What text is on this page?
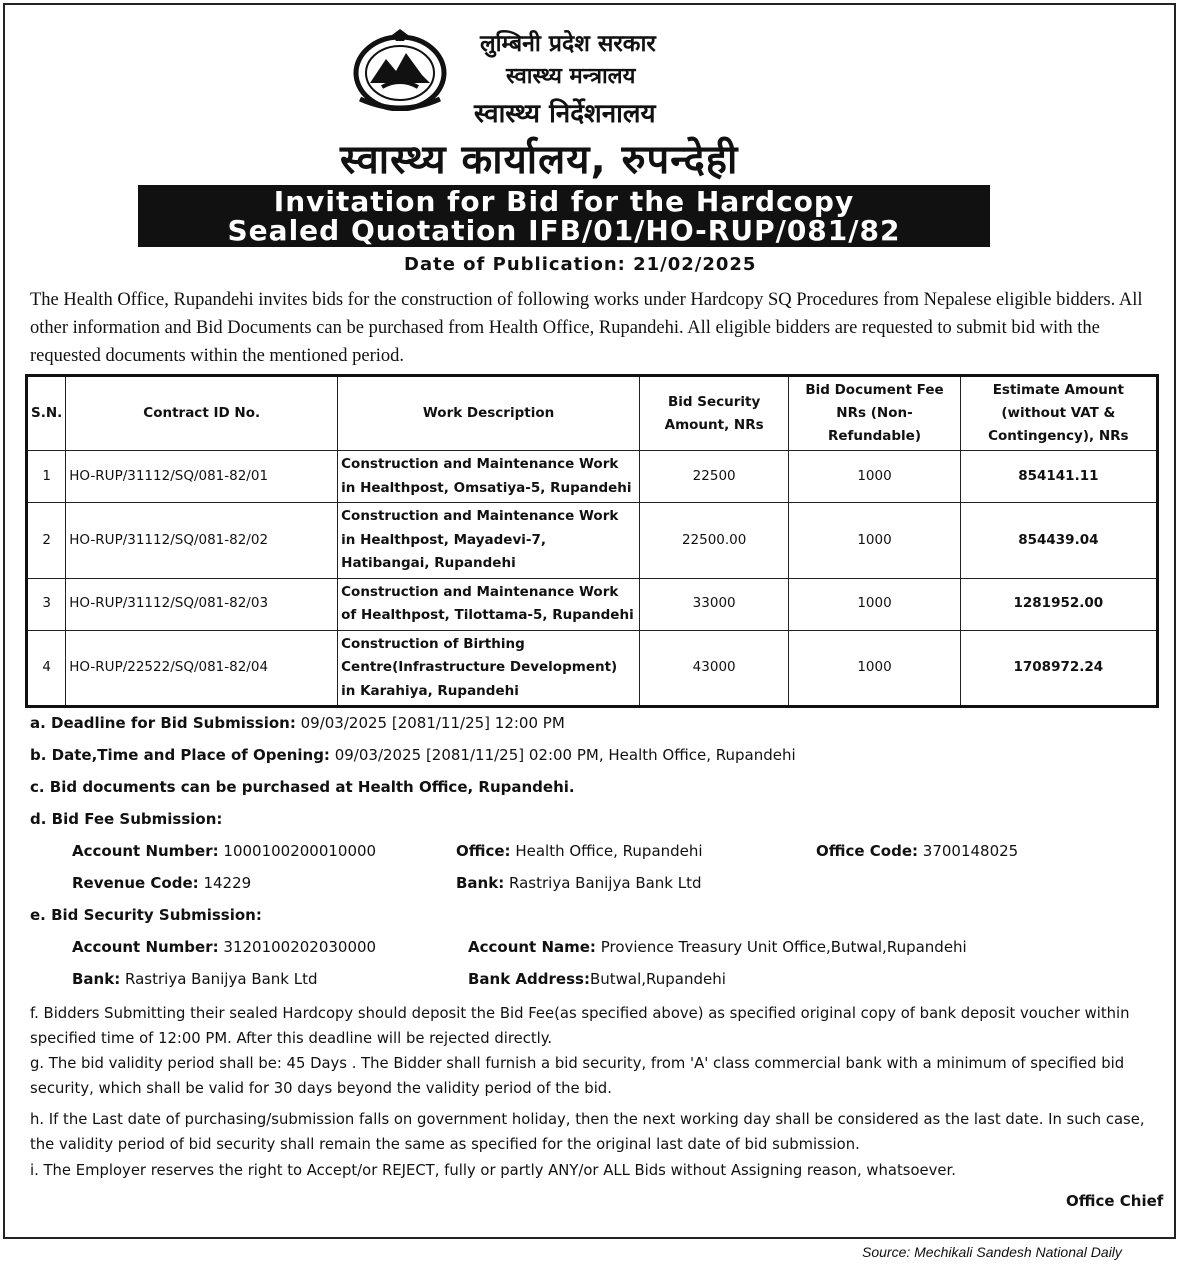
लुम्बिनी प्रदेश सरकार
स्वास्थ्य मन्त्रालय
स्वास्थ्य निर्देशनालय
स्वास्थ्य कार्यालय, रुपन्देही
Invitation for Bid for the Hardcopy
Sealed Quotation IFB/01/HO-RUP/081/82
Date of Publication: 21/02/2025
The Health Office, Rupandehi invites bids for the construction of following works under Hardcopy SQ Procedures from Nepalese eligible bidders. All other information and Bid Documents can be purchased from Health Office, Rupandehi. All eligible bidders are requested to submit bid with the requested documents within the mentioned period.
S.N.	Contract ID No.	Work Description	Bid Security Amount, NRs	Bid Document Fee NRs (Non-Refundable)	Estimate Amount (without VAT & Contingency), NRs
1	HO-RUP/31112/SQ/081-82/01	Construction and Maintenance Work in Healthpost, Omsatiya-5, Rupandehi	22500	1000	854141.11
2	HO-RUP/31112/SQ/081-82/02	Construction and Maintenance Work in Healthpost, Mayadevi-7, Hatibangai, Rupandehi	22500.00	1000	854439.04
3	HO-RUP/31112/SQ/081-82/03	Construction and Maintenance Work of Healthpost, Tilottama-5, Rupandehi	33000	1000	1281952.00
4	HO-RUP/22522/SQ/081-82/04	Construction of Birthing Centre(Infrastructure Development) in Karahiya, Rupandehi	43000	1000	1708972.24
a. Deadline for Bid Submission: 09/03/2025 [2081/11/25] 12:00 PM
b. Date,Time and Place of Opening: 09/03/2025 [2081/11/25] 02:00 PM, Health Office, Rupandehi
c. Bid documents can be purchased at Health Office, Rupandehi.
d. Bid Fee Submission:
Account Number: 1000100200010000	Office: Health Office, Rupandehi	Office Code: 3700148025
Revenue Code: 14229	Bank: Rastriya Banijya Bank Ltd
e. Bid Security Submission:
Account Number: 3120100202030000	Account Name: Provience Treasury Unit Office,Butwal,Rupandehi
Bank: Rastriya Banijya Bank Ltd	Bank Address:Butwal,Rupandehi
f. Bidders Submitting their sealed Hardcopy should deposit the Bid Fee(as specified above) as specified original copy of bank deposit voucher within specified time of 12:00 PM. After this deadline will be rejected directly.
g. The bid validity period shall be: 45 Days . The Bidder shall furnish a bid security, from 'A' class commercial bank with a minimum of specified bid security, which shall be valid for 30 days beyond the validity period of the bid.
h. If the Last date of purchasing/submission falls on government holiday, then the next working day shall be considered as the last date. In such case, the validity period of bid security shall remain the same as specified for the original last date of bid submission.
i. The Employer reserves the right to Accept/or REJECT, fully or partly ANY/or ALL Bids without Assigning reason, whatsoever.
Office Chief
Source: Mechikali Sandesh National Daily
